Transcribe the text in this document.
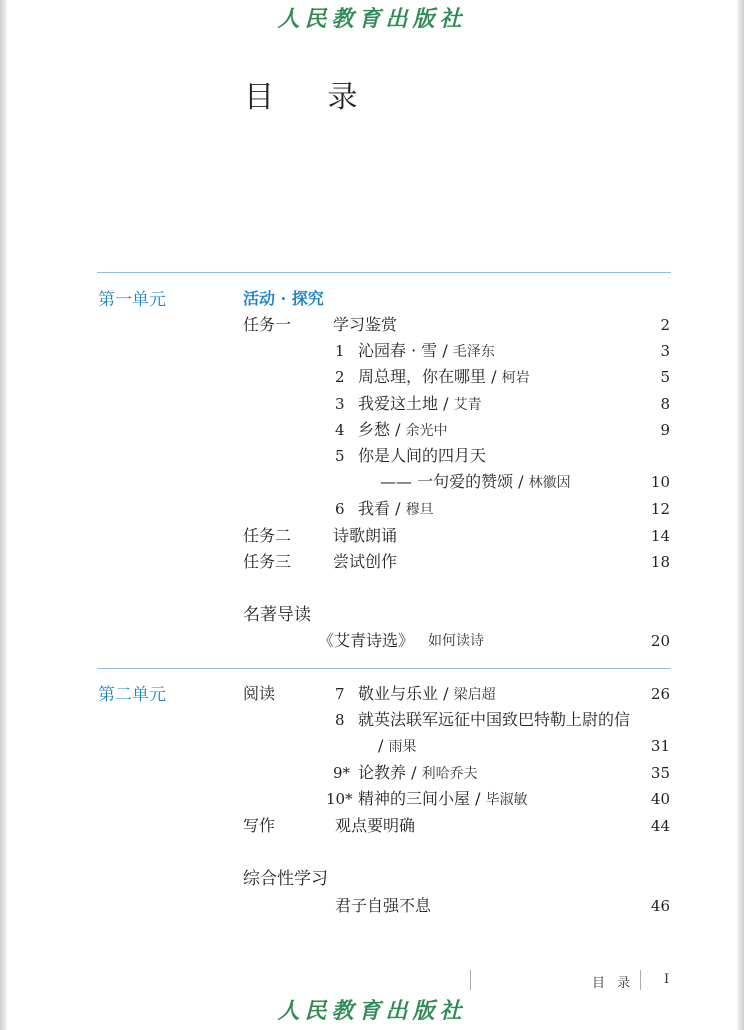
人民教育出版社
目 录
第一单元	活动 · 探究
任务一	学习鉴赏	2
1 沁园春 · 雪 / 毛泽东	3
2 周总理，你在哪里 / 柯岩	5
3 我爱这土地 / 艾青	8
4 乡愁 / 余光中	9
5 你是人间的四月天
—— 一句爱的赞颂 / 林徽因	10
6 我看 / 穆旦	12
任务二	诗歌朗诵	14
任务三	尝试创作	18
名著导读
《艾青诗选》 如何读诗	20
第二单元	阅读	7 敬业与乐业 / 梁启超	26
8 就英法联军远征中国致巴特勒上尉的信
/ 雨果	31
9* 论教养 / 利哈乔夫	35
10* 精神的三间小屋 / 毕淑敏	40
写作	观点要明确	44
综合性学习
君子自强不息	46
目 录 I
人民教育出版社
